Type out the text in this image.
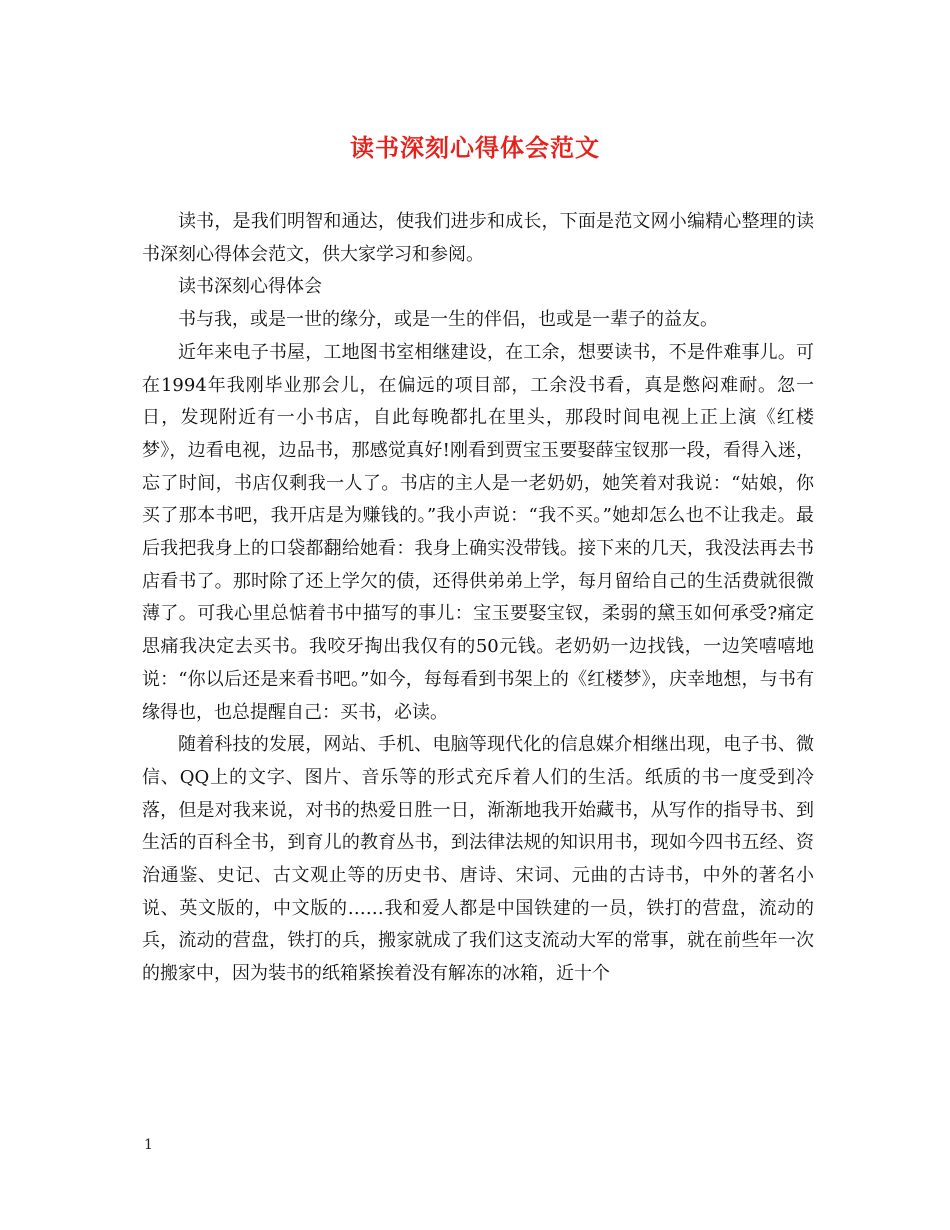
读书深刻心得体会范文

读书，是我们明智和通达，使我们进步和成长，下面是范文网小编精心整理的读书深刻心得体会范文，供大家学习和参阅。

读书深刻心得体会

书与我，或是一世的缘分，或是一生的伴侣，也或是一辈子的益友。

近年来电子书屋，工地图书室相继建设，在工余，想要读书，不是件难事儿。可在1994年我刚毕业那会儿，在偏远的项目部，工余没书看，真是憋闷难耐。忽一日，发现附近有一小书店，自此每晚都扎在里头，那段时间电视上正上演《红楼梦》，边看电视，边品书，那感觉真好!刚看到贾宝玉要娶薛宝钗那一段，看得入迷，忘了时间，书店仅剩我一人了。书店的主人是一老奶奶，她笑着对我说：“姑娘，你买了那本书吧，我开店是为赚钱的。”我小声说：“我不买。”她却怎么也不让我走。最后我把我身上的口袋都翻给她看：我身上确实没带钱。接下来的几天，我没法再去书店看书了。那时除了还上学欠的债，还得供弟弟上学，每月留给自己的生活费就很微薄了。可我心里总惦着书中描写的事儿：宝玉要娶宝钗，柔弱的黛玉如何承受?痛定思痛我决定去买书。我咬牙掏出我仅有的50元钱。老奶奶一边找钱，一边笑嘻嘻地说：“你以后还是来看书吧。”如今，每每看到书架上的《红楼梦》，庆幸地想，与书有缘得也，也总提醒自己：买书，必读。

随着科技的发展，网站、手机、电脑等现代化的信息媒介相继出现，电子书、微信、QQ上的文字、图片、音乐等的形式充斥着人们的生活。纸质的书一度受到冷落，但是对我来说，对书的热爱日胜一日，渐渐地我开始藏书，从写作的指导书、到生活的百科全书，到育儿的教育丛书，到法律法规的知识用书，现如今四书五经、资治通鉴、史记、古文观止等的历史书、唐诗、宋词、元曲的古诗书，中外的著名小说、英文版的，中文版的……我和爱人都是中国铁建的一员，铁打的营盘，流动的兵，流动的营盘，铁打的兵，搬家就成了我们这支流动大军的常事，就在前些年一次的搬家中，因为装书的纸箱紧挨着没有解冻的冰箱，近十个

1
